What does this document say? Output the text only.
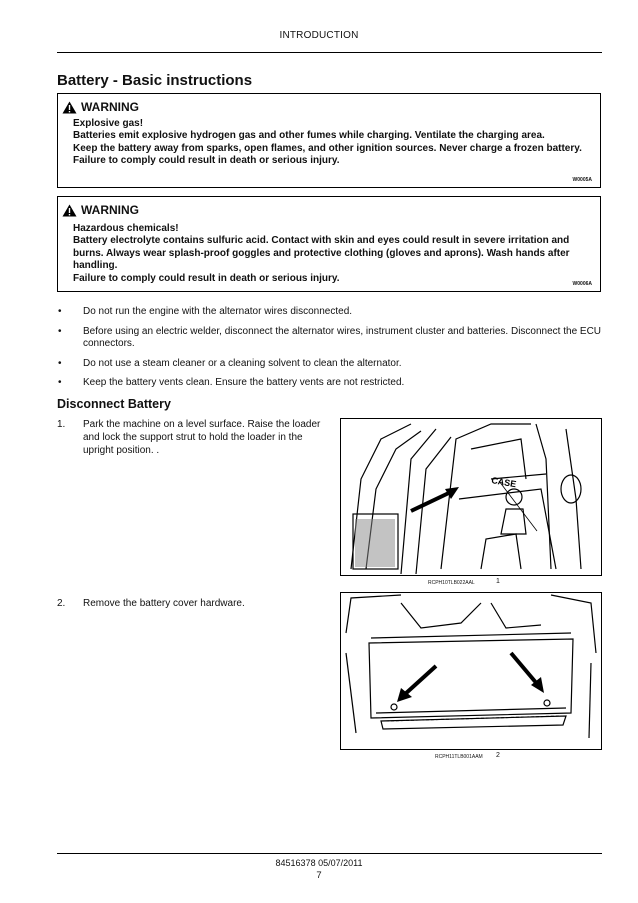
INTRODUCTION
Battery - Basic instructions
WARNING
Explosive gas!
Batteries emit explosive hydrogen gas and other fumes while charging. Ventilate the charging area.
Keep the battery away from sparks, open flames, and other ignition sources. Never charge a frozen battery.
Failure to comply could result in death or serious injury.
W0005A
WARNING
Hazardous chemicals!
Battery electrolyte contains sulfuric acid. Contact with skin and eyes could result in severe irritation and burns. Always wear splash-proof goggles and protective clothing (gloves and aprons). Wash hands after handling.
Failure to comply could result in death or serious injury.
W0006A
• Do not run the engine with the alternator wires disconnected.
• Before using an electric welder, disconnect the alternator wires, instrument cluster and batteries. Disconnect the ECU connectors.
• Do not use a steam cleaner or a cleaning solvent to clean the alternator.
• Keep the battery vents clean. Ensure the battery vents are not restricted.
Disconnect Battery
1. Park the machine on a level surface. Raise the loader and lock the support strut to hold the loader in the upright position. .
2. Remove the battery cover hardware.
CASE
RCPH10TLB022AAL	1
RCPH11TLB001AAM 2
84516378 05/07/2011
7
